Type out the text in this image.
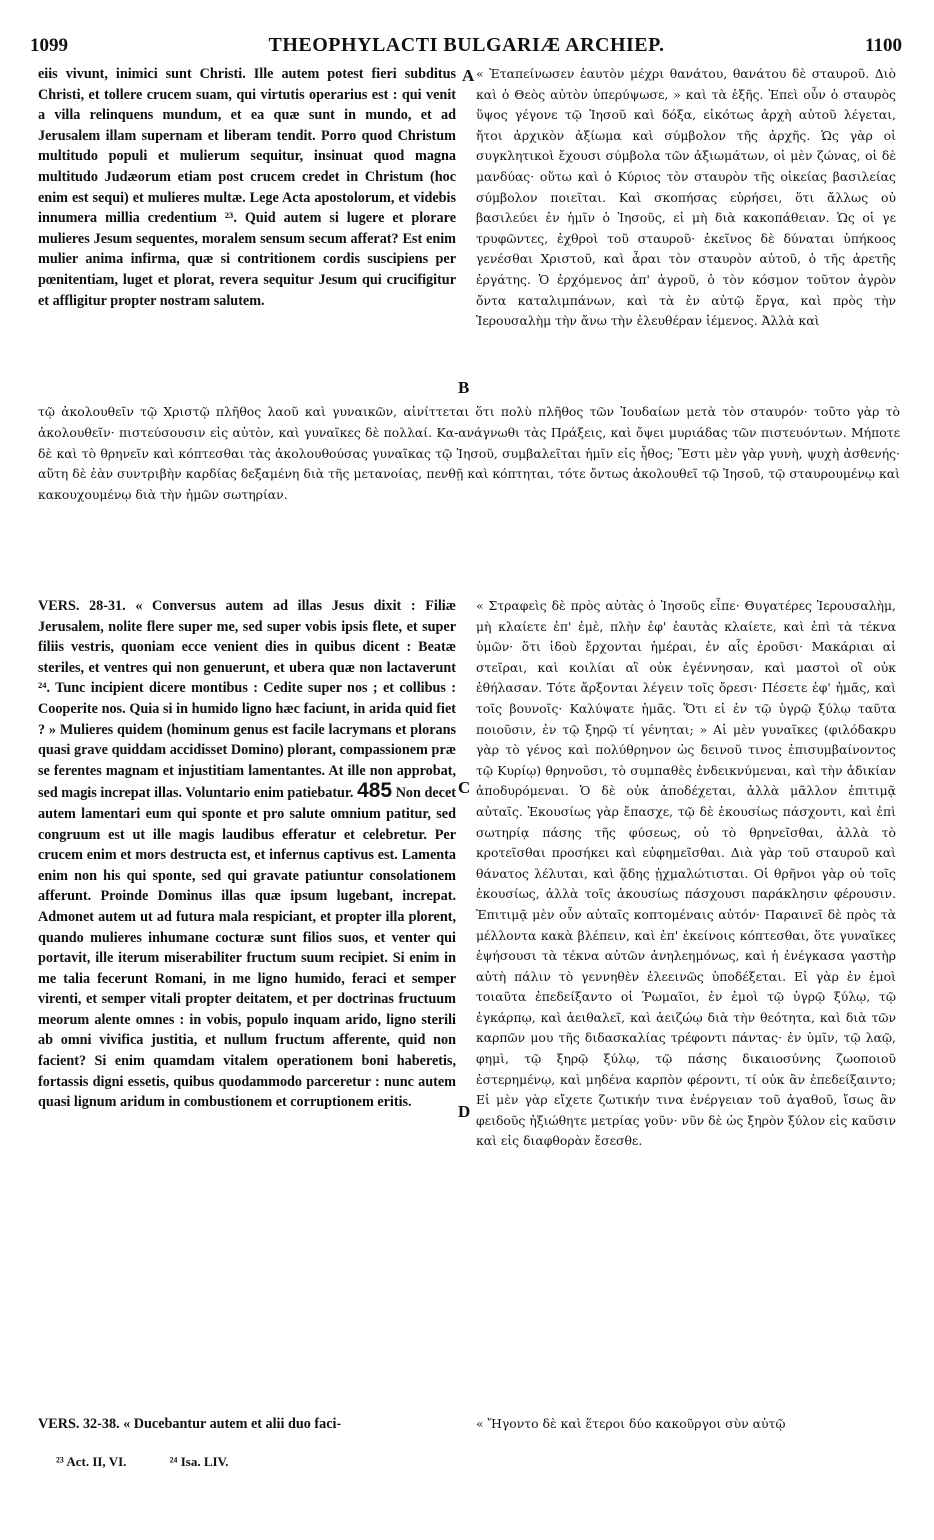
1099	THEOPHYLACTI BULGARIÆ ARCHIEP.	1100

eiis vivunt, inimici sunt Christi. Ille autem potest fieri subditus Christi, et tollere crucem suam, qui virtutis operarius est : qui venit a villa relinquens mundum, et ea quæ sunt in mundo, et ad Jerusalem illam supernam et liberam tendit. Porro quod Christum multitudo populi et mulierum sequitur, insinuat quod magna multitudo Judæorum etiam post crucem credet in Christum (hoc enim est sequi) et mulieres multæ. Lege Acta apostolorum, et videbis innumera millia credentium ²³. Quid autem si lugere et plorare mulieres Jesum sequentes, moralem sensum secum afferat? Est enim mulier anima infirma, quæ si contritionem cordis suscipiens per pœnitentiam, luget et plorat, revera sequitur Jesum qui crucifigitur et affligitur propter nostram salutem.

« Ἐταπείνωσεν ἑαυτὸν μέχρι θανάτου, θανάτου δὲ σταυροῦ. Διὸ καὶ ὁ Θεὸς αὐτὸν ὑπερύψωσε, » καὶ τὰ ἑξῆς. Ἐπεὶ οὖν ὁ σταυρὸς ὕψος γέγονε τῷ Ἰησοῦ καὶ δόξα, εἰκότως ἀρχὴ αὐτοῦ λέγεται, ἤτοι ἀρχικὸν ἀξίωμα καὶ σύμβολον τῆς ἀρχῆς. Ὡς γὰρ οἱ συγκλητικοὶ ἔχουσι σύμβολα τῶν ἀξιωμάτων, οἱ μὲν ζώνας, οἱ δὲ μανδύας· οὕτω καὶ ὁ Κύριος τὸν σταυρὸν τῆς οἰκείας βασιλείας σύμβολον ποιεῖται. Καὶ σκοπήσας εὑρήσει, ὅτι ἄλλως οὐ βασιλεύει ἐν ἡμῖν ὁ Ἰησοῦς, εἰ μὴ διὰ κακοπάθειαν. Ὡς οἱ γε τρυφῶντες, ἐχθροὶ τοῦ σταυροῦ· ἐκεῖνος δὲ δύναται ὑπήκοος γενέσθαι Χριστοῦ, καὶ ἆραι τὸν σταυρὸν αὐτοῦ, ὁ τῆς ἀρετῆς ἐργάτης. Ὁ ἐρχόμενος ἀπ' ἀγροῦ, ὁ τὸν κόσμον τοῦτον ἀγρὸν ὄντα καταλιμπάνων, καὶ τὰ ἐν αὐτῷ ἔργα, καὶ πρὸς τὴν Ἱερουσαλὴμ τὴν ἄνω τὴν ἐλευθέραν ἱέμενος. Ἀλλὰ καὶ

A
B
C
D

τῷ ἀκολουθεῖν τῷ Χριστῷ πλῆθος λαοῦ καὶ γυναικῶν, αἰνίττεται ὅτι πολὺ πλῆθος τῶν Ἰουδαίων μετὰ τὸν σταυρόν· τοῦτο γὰρ τὸ ἀκολουθεῖν· πιστεύσουσιν εἰς αὐτὸν, καὶ γυναῖκες δὲ πολλαί. Κα-ανάγνωθι τὰς Πράξεις, καὶ ὄψει μυριάδας τῶν πιστευόντων. Μήποτε δὲ καὶ τὸ θρηνεῖν καὶ κόπτεσθαι τὰς ἀκολουθούσας γυναῖκας τῷ Ἰησοῦ, συμβαλεῖται ἡμῖν εἰς ἦθος; Ἔστι μὲν γὰρ γυνὴ, ψυχὴ ἀσθενής· αὕτη δὲ ἐὰν συντριβὴν καρδίας δεξαμένη διὰ τῆς μετανοίας, πενθῇ καὶ κόπτηται, τότε ὄντως ἀκολουθεῖ τῷ Ἰησοῦ, τῷ σταυρουμένῳ καὶ κακουχουμένῳ διὰ τὴν ἡμῶν σωτηρίαν.

VERS. 28-31. « Conversus autem ad illas Jesus dixit : Filiæ Jerusalem, nolite flere super me, sed super vobis ipsis flete, et super filiis vestris, quoniam ecce venient dies in quibus dicent : Beatæ steriles, et ventres qui non genuerunt, et ubera quæ non lactaverunt ²⁴. Tunc incipient dicere montibus : Cedite super nos ; et collibus : Cooperite nos. Quia si in humido ligno hæc faciunt, in arida quid fiet ? » Mulieres quidem (hominum genus est facile lacrymans et plorans quasi grave quiddam accidisset Domino) plorant, compassionem præ se ferentes magnam et injustitiam lamentantes. At ille non approbat, sed magis increpat illas. Voluntario enim patiebatur. 485 Non decet autem lamentari eum qui sponte et pro salute omnium patitur, sed congruum est ut ille magis laudibus efferatur et celebretur. Per crucem enim et mors destructa est, et infernus captivus est. Lamenta enim non his qui sponte, sed qui gravate patiuntur consolationem afferunt. Proinde Dominus illas quæ ipsum lugebant, increpat. Admonet autem ut ad futura mala respiciant, et propter illa plorent, quando mulieres inhumane cocturæ sunt filios suos, et venter qui portavit, ille iterum miserabiliter fructum suum recipiet. Si enim in me talia fecerunt Romani, in me ligno humido, feraci et semper virenti, et semper vitali propter deitatem, et per doctrinas fructuum meorum alente omnes : in vobis, populo inquam arido, ligno sterili ab omni vivifica justitia, et nullum fructum afferente, quid non facient? Si enim quamdam vitalem operationem boni haberetis, fortassis digni essetis, quibus quodammodo parceretur : nunc autem quasi lignum aridum in combustionem et corruptionem eritis.

« Στραφεὶς δὲ πρὸς αὐτὰς ὁ Ἰησοῦς εἶπε· Θυγατέρες Ἱερουσαλὴμ, μὴ κλαίετε ἐπ' ἐμὲ, πλὴν ἐφ' ἑαυτὰς κλαίετε, καὶ ἐπὶ τὰ τέκνα ὑμῶν· ὅτι ἰδοὺ ἔρχονται ἡμέραι, ἐν αἷς ἐροῦσι· Μακάριαι αἱ στεῖραι, καὶ κοιλίαι αἳ οὐκ ἐγέννησαν, καὶ μαστοὶ οἳ οὐκ ἐθήλασαν. Τότε ἄρξονται λέγειν τοῖς ὄρεσι· Πέσετε ἐφ' ἡμᾶς, καὶ τοῖς βουνοῖς· Καλύψατε ἡμᾶς. Ὅτι εἰ ἐν τῷ ὑγρῷ ξύλῳ ταῦτα ποιοῦσιν, ἐν τῷ ξηρῷ τί γένηται; » Αἱ μὲν γυναῖκες (φιλόδακρυ γὰρ τὸ γένος καὶ πολύθρηνον ὡς δεινοῦ τινος ἐπισυμβαίνοντος τῷ Κυρίῳ) θρηνοῦσι, τὸ συμπαθὲς ἐνδεικνύμεναι, καὶ τὴν ἀδικίαν ἀποδυρόμεναι. Ὁ δὲ οὐκ ἀποδέχεται, ἀλλὰ μᾶλλον ἐπιτιμᾷ αὐταῖς. Ἑκουσίως γὰρ ἔπασχε, τῷ δὲ ἑκουσίως πάσχοντι, καὶ ἐπὶ σωτηρίᾳ πάσης τῆς φύσεως, οὐ τὸ θρηνεῖσθαι, ἀλλὰ τὸ κροτεῖσθαι προσήκει καὶ εὐφημεῖσθαι. Διὰ γὰρ τοῦ σταυροῦ καὶ θάνατος λέλυται, καὶ ᾅδης ᾐχμαλώτισται. Οἱ θρῆνοι γὰρ οὐ τοῖς ἑκουσίως, ἀλλὰ τοῖς ἀκουσίως πάσχουσι παράκλησιν φέρουσιν. Ἐπιτιμᾷ μὲν οὖν αὐταῖς κοπτομέναις αὐτόν· Παραινεῖ δὲ πρὸς τὰ μέλλοντα κακὰ βλέπειν, καὶ ἐπ' ἐκείνοις κόπτεσθαι, ὅτε γυναῖκες ἑψήσουσι τὰ τέκνα αὐτῶν ἀνηλεημόνως, καὶ ἡ ἐνέγκασα γαστὴρ αὐτὴ πάλιν τὸ γεννηθὲν ἐλεεινῶς ὑποδέξεται. Εἰ γὰρ ἐν ἐμοὶ τοιαῦτα ἐπεδείξαντο οἱ Ῥωμαῖοι, ἐν ἐμοὶ τῷ ὑγρῷ ξύλῳ, τῷ ἐγκάρπῳ, καὶ ἀειθαλεῖ, καὶ ἀειζώῳ διὰ τὴν θεότητα, καὶ διὰ τῶν καρπῶν μου τῆς διδασκαλίας τρέφοντι πάντας· ἐν ὑμῖν, τῷ λαῷ, φημὶ, τῷ ξηρῷ ξύλῳ, τῷ πάσης δικαιοσύνης ζωοποιοῦ ἐστερημένῳ, καὶ μηδένα καρπὸν φέροντι, τί οὐκ ἂν ἐπεδείξαιντο; Εἰ μὲν γὰρ εἴχετε ζωτικήν τινα ἐνέργειαν τοῦ ἀγαθοῦ, ἴσως ἂν φειδοῦς ἠξιώθητε μετρίας γοῦν· νῦν δὲ ὡς ξηρὸν ξύλον εἰς καῦσιν καὶ εἰς διαφθορὰν ἔσεσθε.

VERS. 32-38. « Ducebantur autem et alii duo faci-	« Ἤγοντο δὲ καὶ ἕτεροι δύο κακοῦργοι σὺν αὐτῷ

²³ Act. II, VI.	²⁴ Isa. LIV.
